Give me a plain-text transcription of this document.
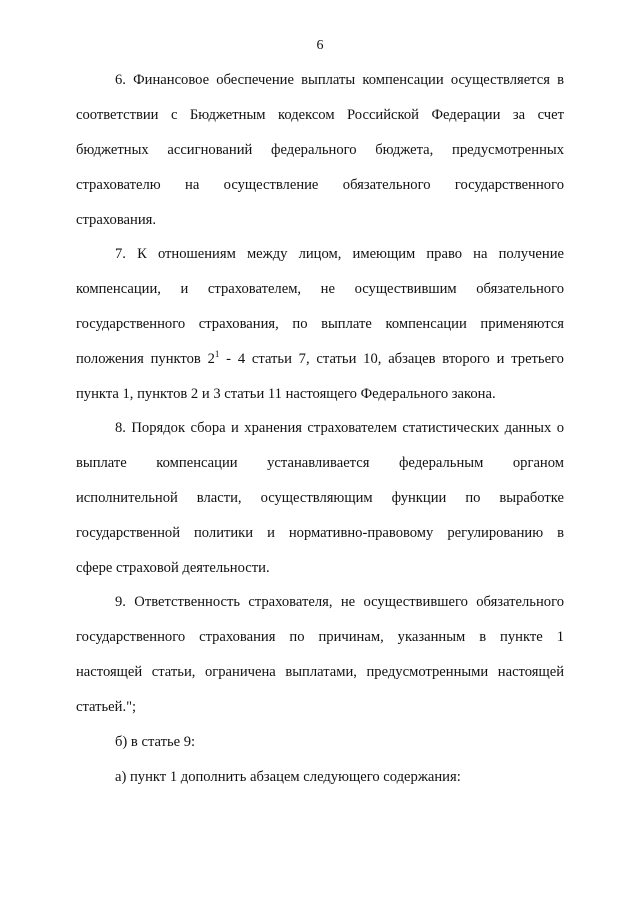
6
6. Финансовое обеспечение выплаты компенсации осуществляется в
соответствии с Бюджетным кодексом Российской Федерации за счет
бюджетных ассигнований федерального бюджета, предусмотренных
страхователю на осуществление обязательного государственного
страхования.
7. К отношениям между лицом, имеющим право на получение
компенсации, и страхователем, не осуществившим обязательного
государственного страхования, по выплате компенсации применяются
положения пунктов $2^1 - 4$ статьи 7, статьи 10, абзацев второго и третьего
пункта 1, пунктов 2 и 3 статьи 11 настоящего Федерального закона.
8. Порядок сбора и хранения страхователем статистических данных о
выплате компенсации устанавливается федеральным органом
исполнительной власти, осуществляющим функции по выработке
государственной политики и нормативно-правовому регулированию в
сфере страховой деятельности.
9. Ответственность страхователя, не осуществившего обязательного
государственного страхования по причинам, указанным в пункте 1
настоящей статьи, ограничена выплатами, предусмотренными настоящей
статьей.";
б) в статье 9:
а) пункт 1 дополнить абзацем следующего содержания:
